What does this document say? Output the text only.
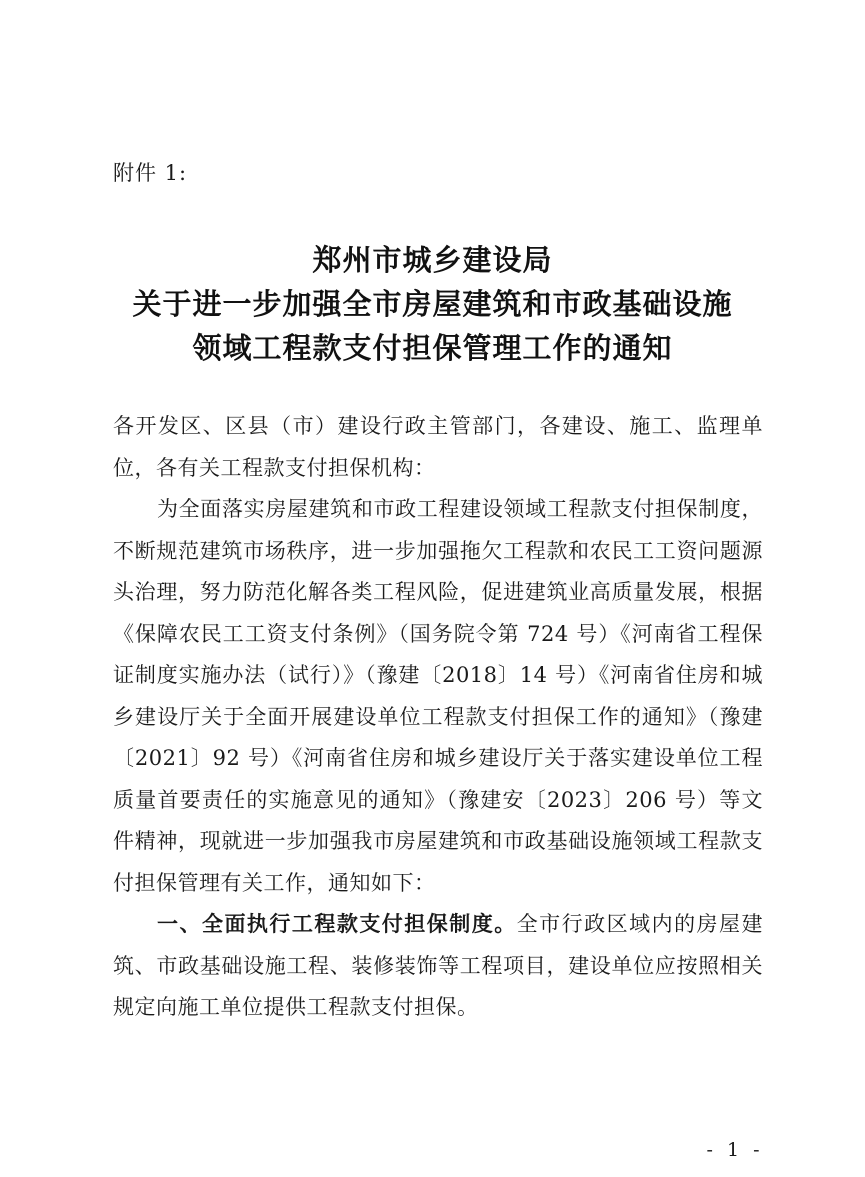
附件 1:
郑州市城乡建设局
关于进一步加强全市房屋建筑和市政基础设施
领域工程款支付担保管理工作的通知

各开发区、区县（市）建设行政主管部门，各建设、施工、监理单位，各有关工程款支付担保机构：

为全面落实房屋建筑和市政工程建设领域工程款支付担保制度，不断规范建筑市场秩序，进一步加强拖欠工程款和农民工工资问题源头治理，努力防范化解各类工程风险，促进建筑业高质量发展，根据《保障农民工工资支付条例》（国务院令第 724 号）《河南省工程保证制度实施办法（试行）》（豫建〔2018〕14 号）《河南省住房和城乡建设厅关于全面开展建设单位工程款支付担保工作的通知》（豫建〔2021〕92 号）《河南省住房和城乡建设厅关于落实建设单位工程质量首要责任的实施意见的通知》（豫建安〔2023〕206 号）等文件精神，现就进一步加强我市房屋建筑和市政基础设施领域工程款支付担保管理有关工作，通知如下：

一、全面执行工程款支付担保制度。全市行政区域内的房屋建筑、市政基础设施工程、装修装饰等工程项目，建设单位应按照相关规定向施工单位提供工程款支付担保。

- 1 -
